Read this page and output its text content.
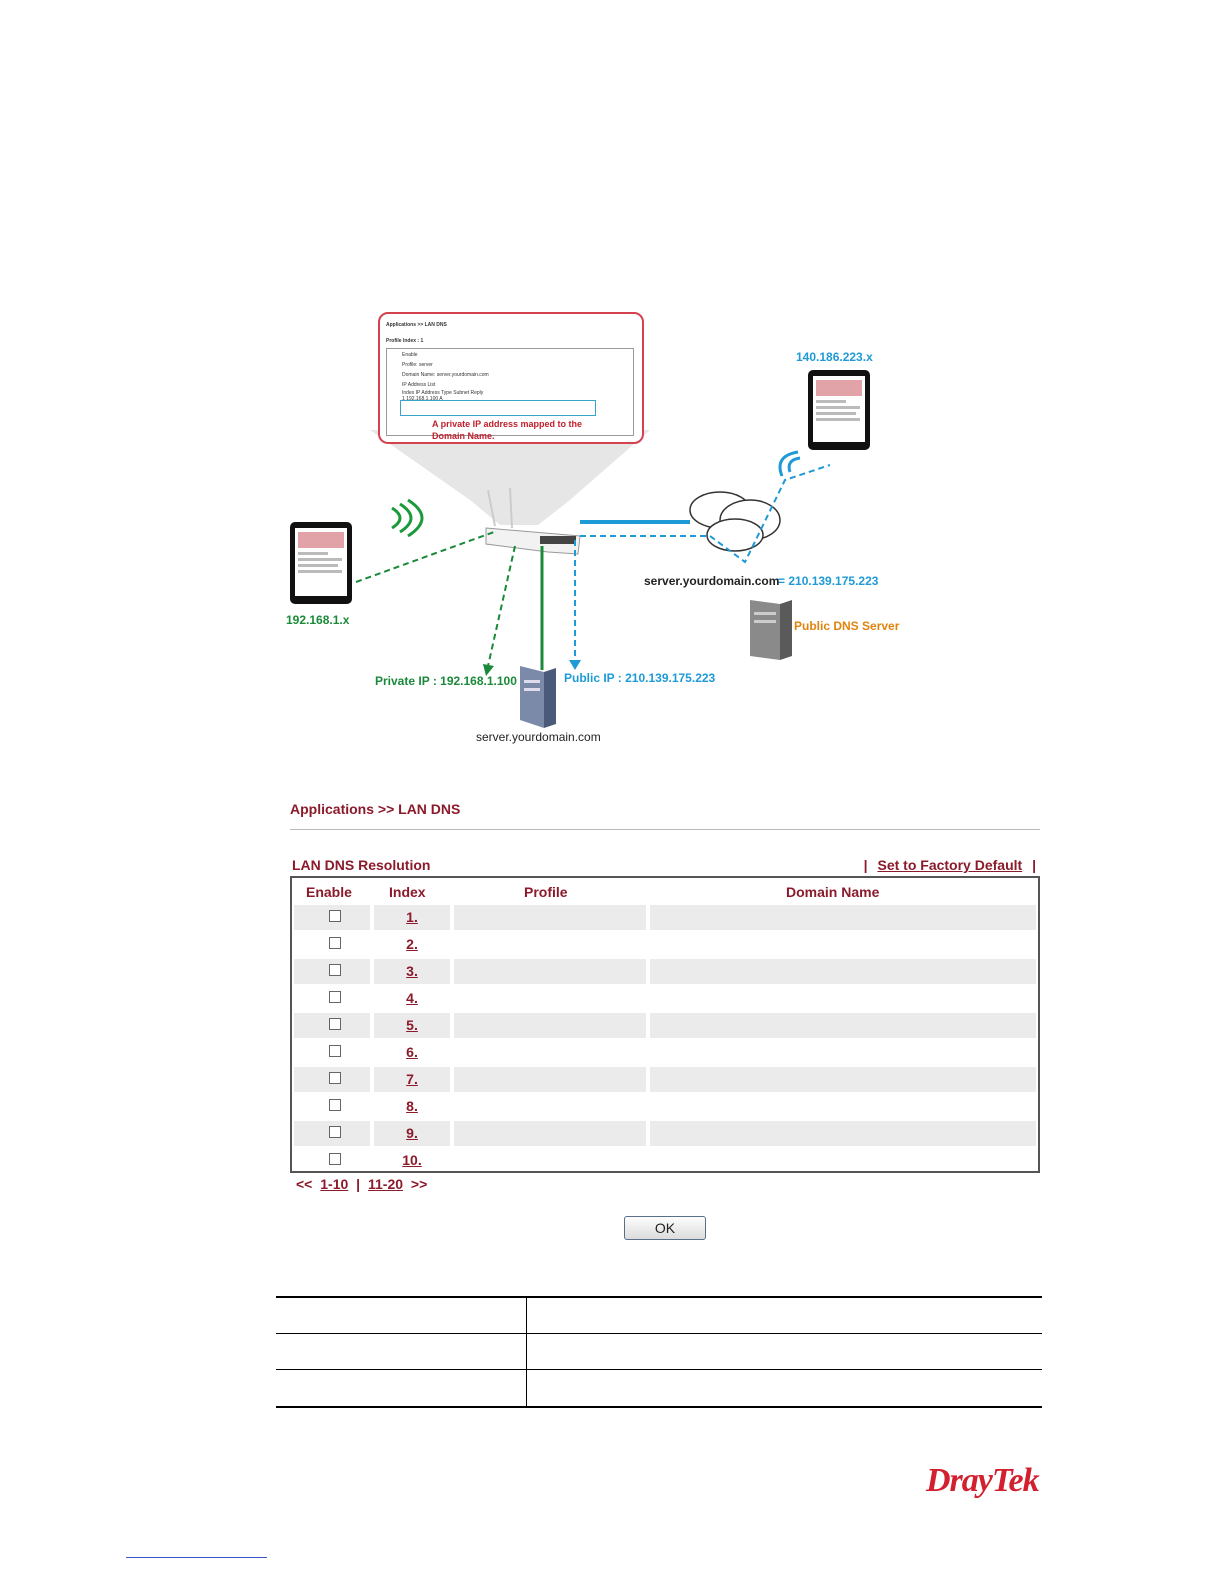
Applications >> LAN DNS
Profile Index : 1
Enable
Profile: server
Domain Name: server.yourdomain.com
IP Address List
Index IP Address Type Subnet Reply
1 192.168.1.100 A
A private IP address mapped to the
Domain Name.
140.186.223.x
192.168.1.x
server.yourdomain.com
= 210.139.175.223
Public DNS Server
Private IP : 192.168.1.100	Public IP : 210.139.175.223
server.yourdomain.com
Applications >> LAN DNS
LAN DNS Resolution	| Set to Factory Default |
Enable	Index	Profile	Domain Name
1.
2.
3.
4.
5.
6.
7.
8.
9.
10.
<< 1-10 | 11-20 >>
OK
DrayTek
